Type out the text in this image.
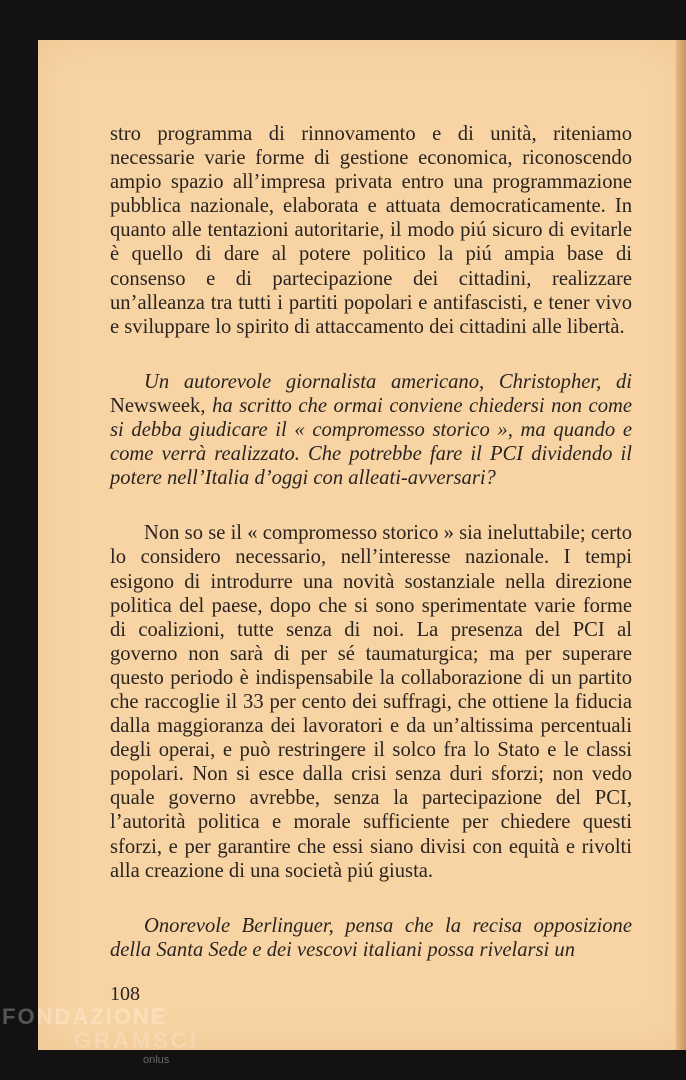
stro programma di rinnovamento e di unità, riteniamo necessarie varie forme di gestione economica, riconoscendo ampio spazio all’impresa privata entro una programmazione pubblica nazionale, elaborata e attuata democraticamente. In quanto alle tentazioni autoritarie, il modo piú sicuro di evitarle è quello di dare al potere politico la piú ampia base di consenso e di partecipazione dei cittadini, realizzare un’alleanza tra tutti i partiti popolari e antifascisti, e tener vivo e sviluppare lo spirito di attaccamento dei cittadini alle libertà.

Un autorevole giornalista americano, Christopher, di Newsweek, ha scritto che ormai conviene chiedersi non come si debba giudicare il « compromesso storico », ma quando e come verrà realizzato. Che potrebbe fare il PCI dividendo il potere nell’Italia d’oggi con alleati-avversari?

Non so se il « compromesso storico » sia ineluttabile; certo lo considero necessario, nell’interesse nazionale. I tempi esigono di introdurre una novità sostanziale nella direzione politica del paese, dopo che si sono sperimentate varie forme di coalizioni, tutte senza di noi. La presenza del PCI al governo non sarà di per sé taumaturgica; ma per superare questo periodo è indispensabile la collaborazione di un partito che raccoglie il 33 per cento dei suffragi, che ottiene la fiducia dalla maggioranza dei lavoratori e da un’altissima percentuali degli operai, e può restringere il solco fra lo Stato e le classi popolari. Non si esce dalla crisi senza duri sforzi; non vedo quale governo avrebbe, senza la partecipazione del PCI, l’autorità politica e morale sufficiente per chiedere questi sforzi, e per garantire che essi siano divisi con equità e rivolti alla creazione di una società piú giusta.

Onorevole Berlinguer, pensa che la recisa opposizione della Santa Sede e dei vescovi italiani possa rivelarsi un

108
FONDAZIONE
GRAMSCI
onlus
